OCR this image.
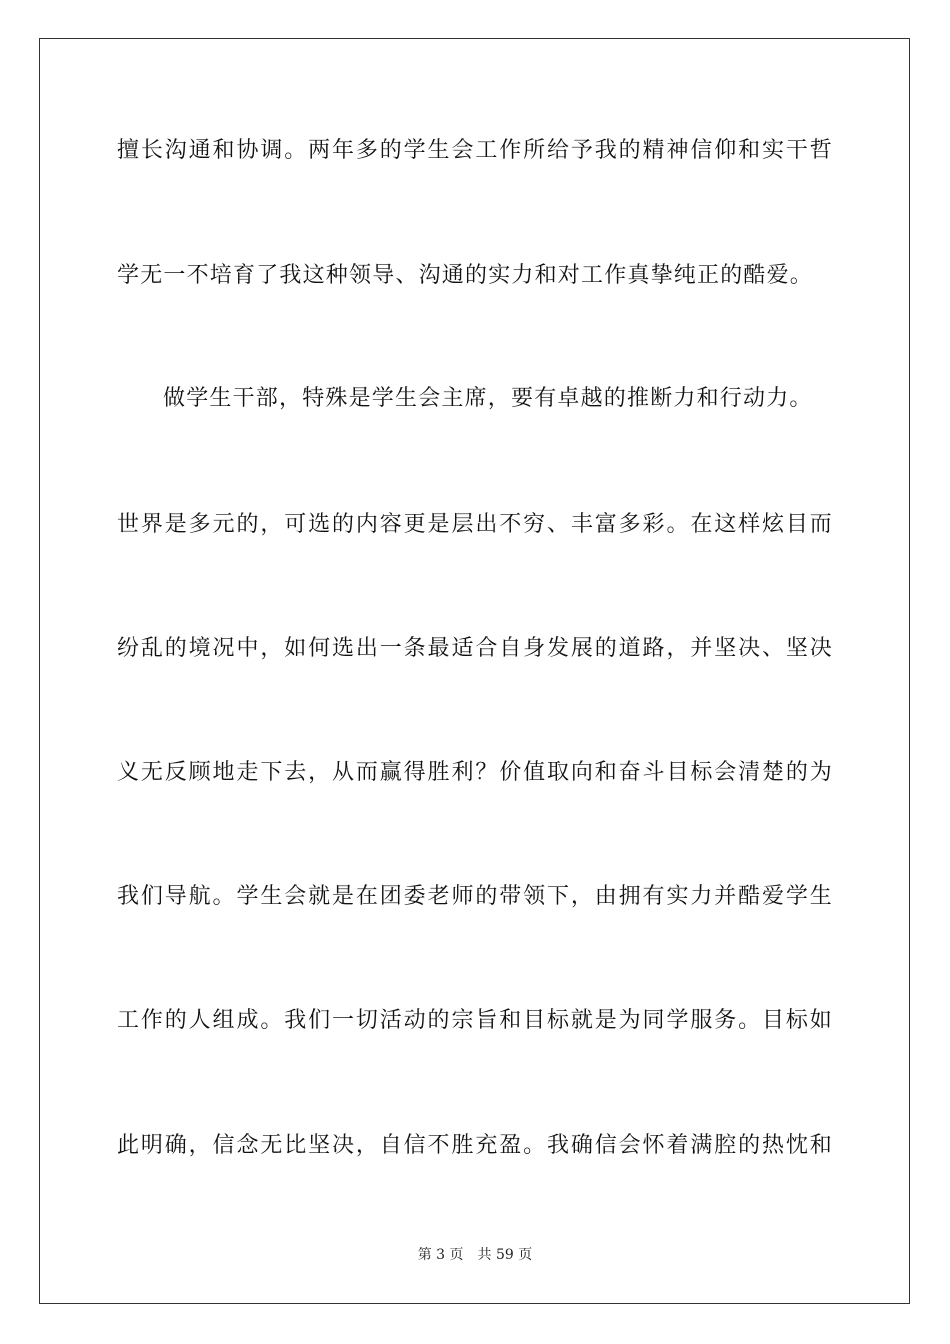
擅长沟通和协调。两年多的学生会工作所给予我的精神信仰和实干哲
学无一不培育了我这种领导、沟通的实力和对工作真挚纯正的酷爱。
做学生干部，特殊是学生会主席，要有卓越的推断力和行动力。
世界是多元的，可选的内容更是层出不穷、丰富多彩。在这样炫目而
纷乱的境况中，如何选出一条最适合自身发展的道路，并坚决、坚决
义无反顾地走下去，从而赢得胜利？价值取向和奋斗目标会清楚的为
我们导航。学生会就是在团委老师的带领下，由拥有实力并酷爱学生
工作的人组成。我们一切活动的宗旨和目标就是为同学服务。目标如
此明确，信念无比坚决，自信不胜充盈。我确信会怀着满腔的热忱和
第 3 页 共 59 页
